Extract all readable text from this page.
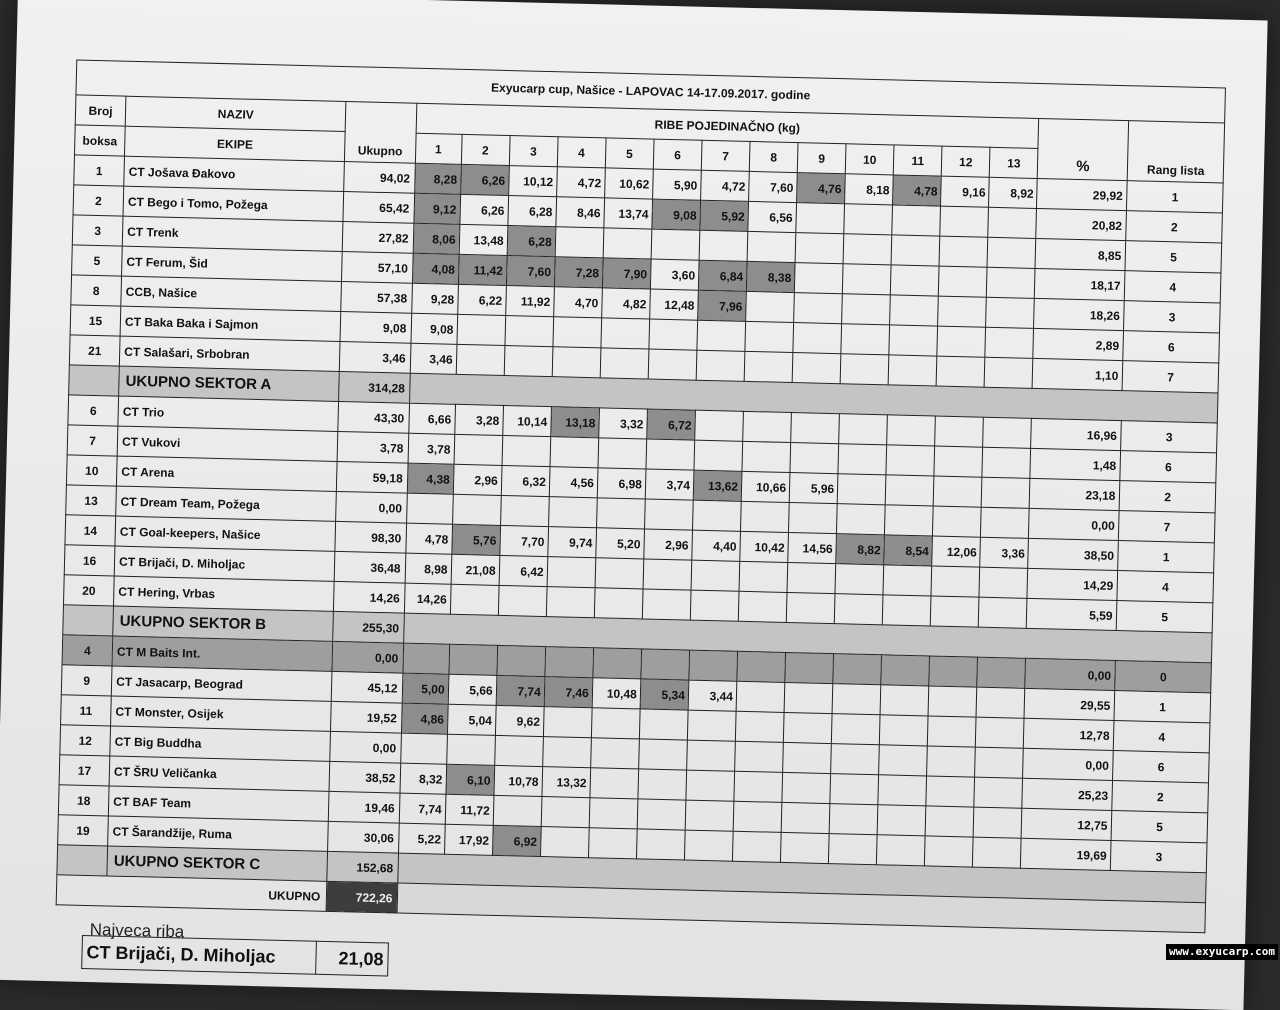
Exyucarp cup, Našice - LAPOVAC 14-17.09.2017. godine																	
Broj	NAZIV	Ukupno	RIBE POJEDINAČNO (kg)													%	Rang lista
boksa	EKIPE		1	2	3	4	5	6	7	8	9	10	11	12	13		
1	CT Jošava Đakovo	94,02	8,28	6,26	10,12	4,72	10,62	5,90	4,72	7,60	4,76	8,18	4,78	9,16	8,92	29,92	1
2	CT Bego i Tomo, Požega	65,42	9,12	6,26	6,28	8,46	13,74	9,08	5,92	6,56						20,82	2
3	CT Trenk	27,82	8,06	13,48	6,28											8,85	5
5	CT Ferum, Šid	57,10	4,08	11,42	7,60	7,28	7,90	3,60	6,84	8,38						18,17	4
8	CCB, Našice	57,38	9,28	6,22	11,92	4,70	4,82	12,48	7,96							18,26	3
15	CT Baka Baka i Sajmon	9,08	9,08													2,89	6
21	CT Salašari, Srbobran	3,46	3,46													1,10	7
	UKUPNO SEKTOR A	314,28															
6	CT Trio	43,30	6,66	3,28	10,14	13,18	3,32	6,72								16,96	3
7	CT Vukovi	3,78	3,78													1,48	6
10	CT Arena	59,18	4,38	2,96	6,32	4,56	6,98	3,74	13,62	10,66	5,96					23,18	2
13	CT Dream Team, Požega	0,00														0,00	7
14	CT Goal-keepers, Našice	98,30	4,78	5,76	7,70	9,74	5,20	2,96	4,40	10,42	14,56	8,82	8,54	12,06	3,36	38,50	1
16	CT Brijači, D. Miholjac	36,48	8,98	21,08	6,42											14,29	4
20	CT Hering, Vrbas	14,26	14,26													5,59	5
	UKUPNO SEKTOR B	255,30															
4	CT M Baits Int.	0,00														0,00	0
9	CT Jasacarp, Beograd	45,12	5,00	5,66	7,74	7,46	10,48	5,34	3,44							29,55	1
11	CT Monster, Osijek	19,52	4,86	5,04	9,62											12,78	4
12	CT Big Buddha	0,00														0,00	6
17	CT ŠRU Veličanka	38,52	8,32	6,10	10,78	13,32										25,23	2
18	CT BAF Team	19,46	7,74	11,72												12,75	5
19	CT Šarandžije, Ruma	30,06	5,22	17,92	6,92											19,69	3
	UKUPNO SEKTOR C	152,68															
UKUPNO		722,26															
Najveca riba
CT Brijači, D. Miholjac	21,08	www.exyucarp.com
